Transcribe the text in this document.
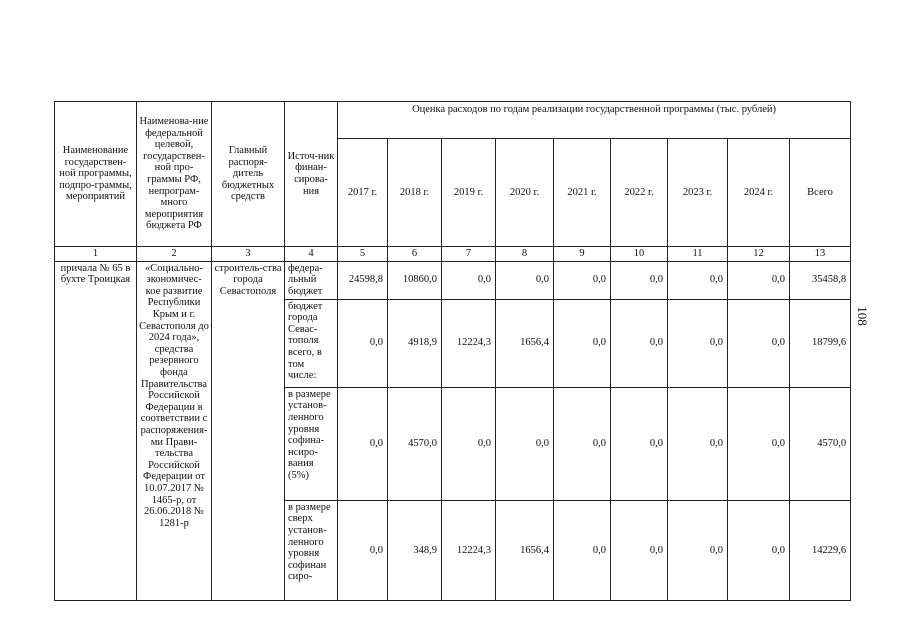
108
Наименование государствен-ной программы, подпро-граммы, мероприятий	Наименова-ние федеральной целевой, государствен-ной про-граммы РФ, непрограм-много мероприятия бюджета РФ	Главный распоря-дитель бюджетных средств	Источ-ник финан-сирова-ния	Оценка расходов по годам реализации государственной программы (тыс. рублей)								
				2017 г.	2018 г.	2019 г.	2020 г.	2021 г.	2022 г.	2023 г.	2024 г.	Всего
1	2	3	4	5	6	7	8	9	10	11	12	13
причала № 65 в бухте Троицкая	«Социально-экономичес-кое развитие Республики Крым и г. Севастополя до 2024 года», средства резервного фонда Правительства Российской Федерации в соответствии с распоряжения-ми Прави-тельства Российской Федерации от 10.07.2017 № 1465-р, от 26.06.2018 № 1281-р	строитель-ства города Севастополя	федера-льный бюджет	24598,8	10860,0	0,0	0,0	0,0	0,0	0,0	0,0	35458,8
			бюджет города Севас-тополя всего, в том числе:	0,0	4918,9	12224,3	1656,4	0,0	0,0	0,0	0,0	18799,6
			в размере установ-ленного уровня софина-нсиро-вания (5%)	0,0	4570,0	0,0	0,0	0,0	0,0	0,0	0,0	4570,0
			в размере сверх установ-ленного уровня софинан сиро-	0,0	348,9	12224,3	1656,4	0,0	0,0	0,0	0,0	14229,6
